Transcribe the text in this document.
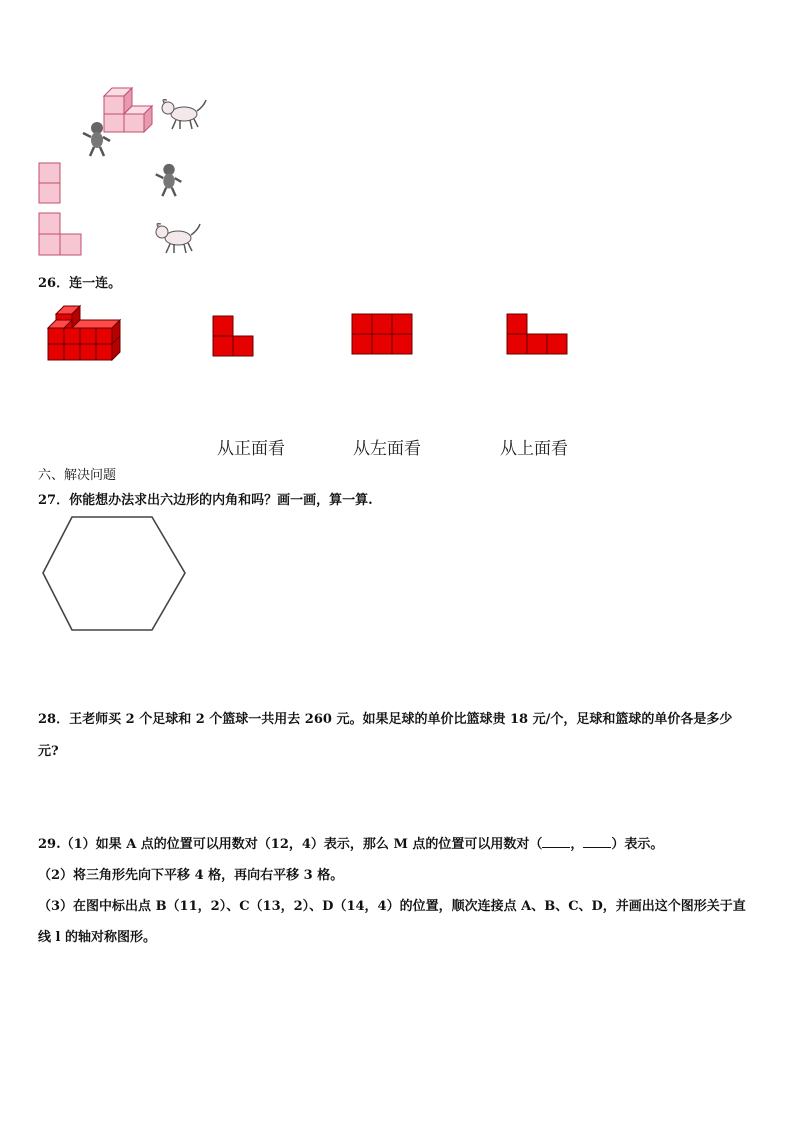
26．连一连。
从正面看	从左面看	从上面看
六、解决问题
27．你能想办法求出六边形的内角和吗？画一画，算一算.
28．王老师买 2 个足球和 2 个篮球一共用去 260 元。如果足球的单价比篮球贵 18 元/个，足球和篮球的单价各是多少
元?
29.（1）如果 A 点的位置可以用数对（12，4）表示，那么 M 点的位置可以用数对（ ， ）表示。
（2）将三角形先向下平移 4 格，再向右平移 3 格。
（3）在图中标出点 B（11，2）、C（13，2）、D（14，4）的位置，顺次连接点 A、B、C、D，并画出这个图形关于直
线 l 的轴对称图形。
